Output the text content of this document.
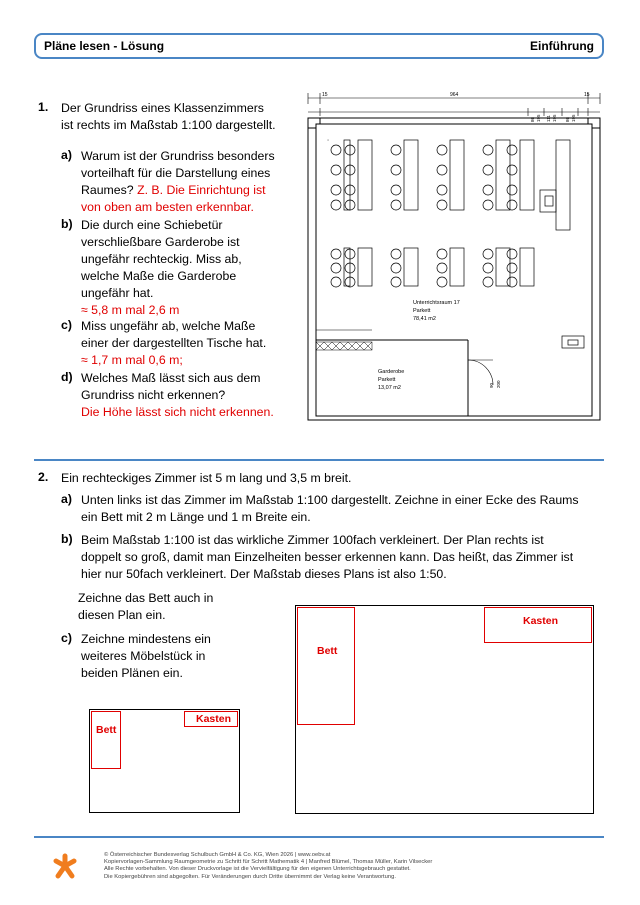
Pläne lesen - Lösung	Einführung
1. Der Grundriss eines Klassenzimmers
ist rechts im Maßstab 1:100 dargestellt.
a) Warum ist der Grundriss besonders
vorteilhaft für die Darstellung eines
Raumes? Z. B. Die Einrichtung ist
von oben am besten erkennbar.
b) Die durch eine Schiebetür
verschließbare Garderobe ist
ungefähr rechteckig. Miss ab,
welche Maße die Garderobe
ungefähr hat.
≈ 5,8 m mal 2,6 m
c) Miss ungefähr ab, welche Maße
einer der dargestellten Tische hat.
≈ 1,7 m mal 0,6 m;
d) Welches Maß lässt sich aus dem
Grundriss nicht erkennen?
Die Höhe lässt sich nicht erkennen.
15	964	15
86 195 111 195 86 195
Unterrichtsraum 17
Parkett
78,41 m2
Garderobe
Parkett
13,07 m2	90 200
2. Ein rechteckiges Zimmer ist 5 m lang und 3,5 m breit.
a) Unten links ist das Zimmer im Maßstab 1:100 dargestellt. Zeichne in einer Ecke des Raums
ein Bett mit 2 m Länge und 1 m Breite ein.
b) Beim Maßstab 1:100 ist das wirkliche Zimmer 100fach verkleinert. Der Plan rechts ist
doppelt so groß, damit man Einzelheiten besser erkennen kann. Das heißt, das Zimmer ist
hier nur 50fach verkleinert. Der Maßstab dieses Plans ist also 1:50.
Zeichne das Bett auch in
diesen Plan ein.
c) Zeichne mindestens ein
weiteres Möbelstück in
beiden Plänen ein.
Bett
Kasten
Bett
Kasten
© Österreichischer Bundesverlag Schulbuch GmbH & Co. KG, Wien 2026 | www.oebv.at
Kopiervorlagen-Sammlung Raumgeometrie zu Schritt für Schritt Mathematik 4 | Manfred Blümel, Thomas Müller, Karin Vilsecker
Alle Rechte vorbehalten. Von dieser Druckvorlage ist die Vervielfältigung für den eigenen Unterrichtsgebrauch gestattet.
Die Kopiergebühren sind abgegolten. Für Veränderungen durch Dritte übernimmt der Verlag keine Verantwortung.
